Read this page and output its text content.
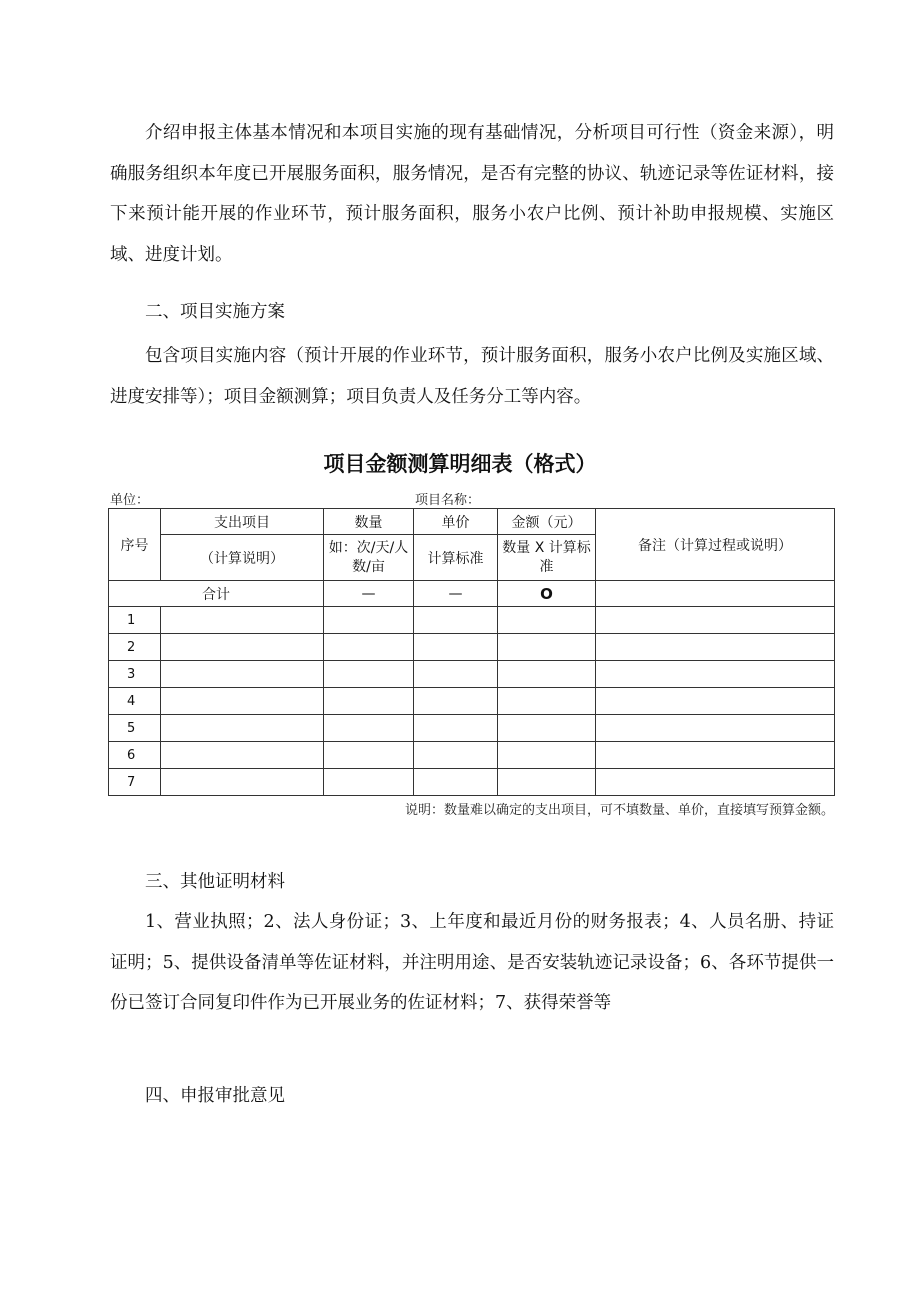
介绍申报主体基本情况和本项目实施的现有基础情况，分析项目可行性（资金来源），明确服务组织本年度已开展服务面积，服务情况，是否有完整的协议、轨迹记录等佐证材料，接下来预计能开展的作业环节，预计服务面积，服务小农户比例、预计补助申报规模、实施区域、进度计划。

二、项目实施方案

包含项目实施内容（预计开展的作业环节，预计服务面积，服务小农户比例及实施区域、进度安排等）；项目金额测算；项目负责人及任务分工等内容。

项目金额测算明细表（格式）
单位：	项目名称：
序号	支出项目	数量	单价	金额（元）	备注（计算过程或说明）
	（计算说明）	如：次/天/人数/亩	计算标准	数量 X 计算标准	
合计		—	—	O	
1					
2					
3					
4					
5					
6					
7					
说明：数量难以确定的支出项目，可不填数量、单价，直接填写预算金额。

三、其他证明材料

1、营业执照；2、法人身份证；3、上年度和最近月份的财务报表；4、人员名册、持证证明；5、提供设备清单等佐证材料，并注明用途、是否安装轨迹记录设备；6、各环节提供一份已签订合同复印件作为已开展业务的佐证材料；7、获得荣誉等

四、申报审批意见
